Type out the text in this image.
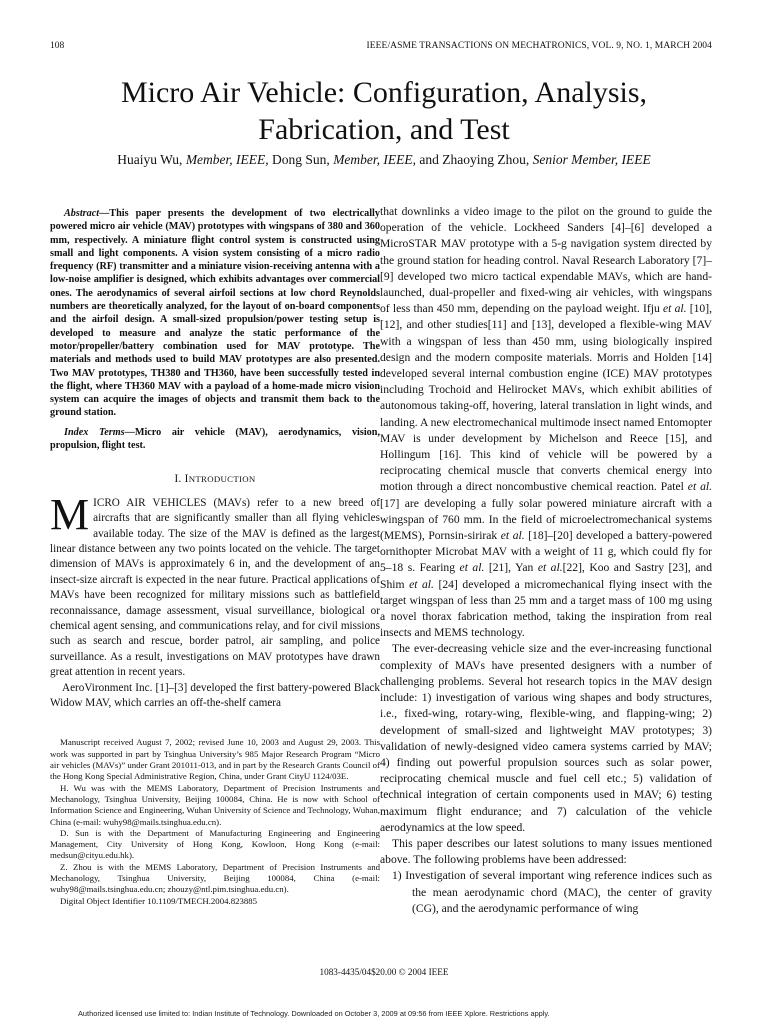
108	IEEE/ASME TRANSACTIONS ON MECHATRONICS, VOL. 9, NO. 1, MARCH 2004
Micro Air Vehicle: Configuration, Analysis, Fabrication, and Test
Huaiyu Wu, Member, IEEE, Dong Sun, Member, IEEE, and Zhaoying Zhou, Senior Member, IEEE

Abstract—This paper presents the development of two electrically powered micro air vehicle (MAV) prototypes with wingspans of 380 and 360 mm, respectively. A miniature flight control system is constructed using small and light components. A vision system consisting of a micro radio frequency (RF) transmitter and a miniature vision-receiving antenna with a low-noise amplifier is designed, which exhibits advantages over commercial ones. The aerodynamics of several airfoil sections at low chord Reynolds numbers are theoretically analyzed, for the layout of on-board components and the airfoil design. A small-sized propulsion/power testing setup is developed to measure and analyze the static performance of the motor/propeller/battery combination used for MAV prototype. The materials and methods used to build MAV prototypes are also presented. Two MAV prototypes, TH380 and TH360, have been successfully tested in the flight, where TH360 MAV with a payload of a home-made micro vision system can acquire the images of objects and transmit them back to the ground station.

Index Terms—Micro air vehicle (MAV), aerodynamics, vision, propulsion, flight test.

I. INTRODUCTION

MICRO AIR VEHICLES (MAVs) refer to a new breed of aircrafts that are significantly smaller than all flying vehicles available today. The size of the MAV is defined as the largest linear distance between any two points located on the vehicle. The target dimension of MAVs is approximately 6 in, and the development of an insect-size aircraft is expected in the near future. Practical applications of MAVs have been recognized for military missions such as battlefield reconnaissance, damage assessment, visual surveillance, biological or chemical agent sensing, and communications relay, and for civil missions such as search and rescue, border patrol, air sampling, and police surveillance. As a result, investigations on MAV prototypes have drawn great attention in recent years.

AeroVironment Inc. [1]–[3] developed the first battery-powered Black Widow MAV, which carries an off-the-shelf camera

Manuscript received August 7, 2002; revised June 10, 2003 and August 29, 2003. This work was supported in part by Tsinghua University’s 985 Major Research Program “Micro air vehicles (MAVs)” under Grant 201011-013, and in part by the Research Grants Council of the Hong Kong Special Administrative Region, China, under Grant CityU 1124/03E.

H. Wu was with the MEMS Laboratory, Department of Precision Instruments and Mechanology, Tsinghua University, Beijing 100084, China. He is now with School of Information Science and Engineering, Wuhan University of Science and Technology, Wuhan, China (e-mail: wuhy98@mails.tsinghua.edu.cn).

D. Sun is with the Department of Manufacturing Engineering and Engineering Management, City University of Hong Kong, Kowloon, Hong Kong (e-mail: medsun@cityu.edu.hk).

Z. Zhou is with the MEMS Laboratory, Department of Precision Instruments and Mechanology, Tsinghua University, Beijing 100084, China (e-mail: wuhy98@mails.tsinghua.edu.cn; zhouzy@ntl.pim.tsinghua.edu.cn).

Digital Object Identifier 10.1109/TMECH.2004.823885

that downlinks a video image to the pilot on the ground to guide the operation of the vehicle. Lockheed Sanders [4]–[6] developed a MicroSTAR MAV prototype with a 5-g navigation system directed by the ground station for heading control. Naval Research Laboratory [7]–[9] developed two micro tactical expendable MAVs, which are hand-launched, dual-propeller and fixed-wing air vehicles, with wingspans of less than 450 mm, depending on the payload weight. Ifju et al. [10], [12], and other studies[11] and [13], developed a flexible-wing MAV with a wingspan of less than 450 mm, using biologically inspired design and the modern composite materials. Morris and Holden [14] developed several internal combustion engine (ICE) MAV prototypes including Trochoid and Helirocket MAVs, which exhibit abilities of autonomous taking-off, hovering, lateral translation in light winds, and landing. A new electromechanical multimode insect named Entomopter MAV is under development by Michelson and Reece [15], and Hollingum [16]. This kind of vehicle will be powered by a reciprocating chemical muscle that converts chemical energy into motion through a direct noncombustive chemical reaction. Patel et al. [17] are developing a fully solar powered miniature aircraft with a wingspan of 760 mm. In the field of microelectromechanical systems (MEMS), Pornsin-sirirak et al. [18]–[20] developed a battery-powered ornithopter Microbat MAV with a weight of 11 g, which could fly for 5–18 s. Fearing et al. [21], Yan et al.[22], Koo and Sastry [23], and Shim et al. [24] developed a micromechanical flying insect with the target wingspan of less than 25 mm and a target mass of 100 mg using a novel thorax fabrication method, taking the inspiration from real insects and MEMS technology.

The ever-decreasing vehicle size and the ever-increasing functional complexity of MAVs have presented designers with a number of challenging problems. Several hot research topics in the MAV design include: 1) investigation of various wing shapes and body structures, i.e., fixed-wing, rotary-wing, flexible-wing, and flapping-wing; 2) development of small-sized and lightweight MAV prototypes; 3) validation of newly-designed video camera systems carried by MAV; 4) finding out powerful propulsion sources such as solar power, reciprocating chemical muscle and fuel cell etc.; 5) validation of technical integration of certain components used in MAV; 6) testing maximum flight endurance; and 7) calculation of the vehicle aerodynamics at the low speed.

This paper describes our latest solutions to many issues mentioned above. The following problems have been addressed:

1) Investigation of several important wing reference indices such as the mean aerodynamic chord (MAC), the center of gravity (CG), and the aerodynamic performance of wing

1083-4435/04$20.00 © 2004 IEEE
Authorized licensed use limited to: Indian Institute of Technology. Downloaded on October 3, 2009 at 09:56 from IEEE Xplore. Restrictions apply.
